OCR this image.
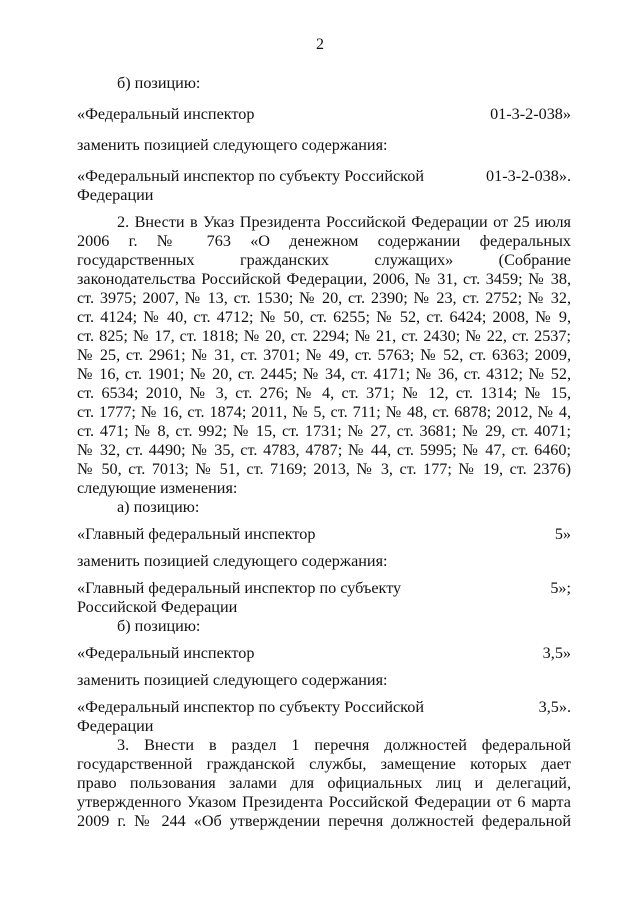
2
б) позицию:
«Федеральный инспектор	01-3-2-038»
заменить позицией следующего содержания:
«Федеральный инспектор по субъекту Российской	01-3-2-038».
Федерации
2. Внести в Указ Президента Российской Федерации от 25 июля
2006 г. № 763 «О денежном содержании федеральных
государственных гражданских служащих» (Собрание
законодательства Российской Федерации, 2006, № 31, ст. 3459; № 38,
ст. 3975; 2007, № 13, ст. 1530; № 20, ст. 2390; № 23, ст. 2752; № 32,
ст. 4124; № 40, ст. 4712; № 50, ст. 6255; № 52, ст. 6424; 2008, № 9,
ст. 825; № 17, ст. 1818; № 20, ст. 2294; № 21, ст. 2430; № 22, ст. 2537;
№ 25, ст. 2961; № 31, ст. 3701; № 49, ст. 5763; № 52, ст. 6363; 2009,
№ 16, ст. 1901; № 20, ст. 2445; № 34, ст. 4171; № 36, ст. 4312; № 52,
ст. 6534; 2010, № 3, ст. 276; № 4, ст. 371; № 12, ст. 1314; № 15,
ст. 1777; № 16, ст. 1874; 2011, № 5, ст. 711; № 48, ст. 6878; 2012, № 4,
ст. 471; № 8, ст. 992; № 15, ст. 1731; № 27, ст. 3681; № 29, ст. 4071;
№ 32, ст. 4490; № 35, ст. 4783, 4787; № 44, ст. 5995; № 47, ст. 6460;
№ 50, ст. 7013; № 51, ст. 7169; 2013, № 3, ст. 177; № 19, ст. 2376)
следующие изменения:
а) позицию:
«Главный федеральный инспектор	5»
заменить позицией следующего содержания:
«Главный федеральный инспектор по субъекту	5»;
Российской Федерации
б) позицию:
«Федеральный инспектор	3,5»
заменить позицией следующего содержания:
«Федеральный инспектор по субъекту Российской	3,5».
Федерации
3. Внести в раздел 1 перечня должностей федеральной
государственной гражданской службы, замещение которых дает
право пользования залами для официальных лиц и делегаций,
утвержденного Указом Президента Российской Федерации от 6 марта
2009 г. № 244 «Об утверждении перечня должностей федеральной
